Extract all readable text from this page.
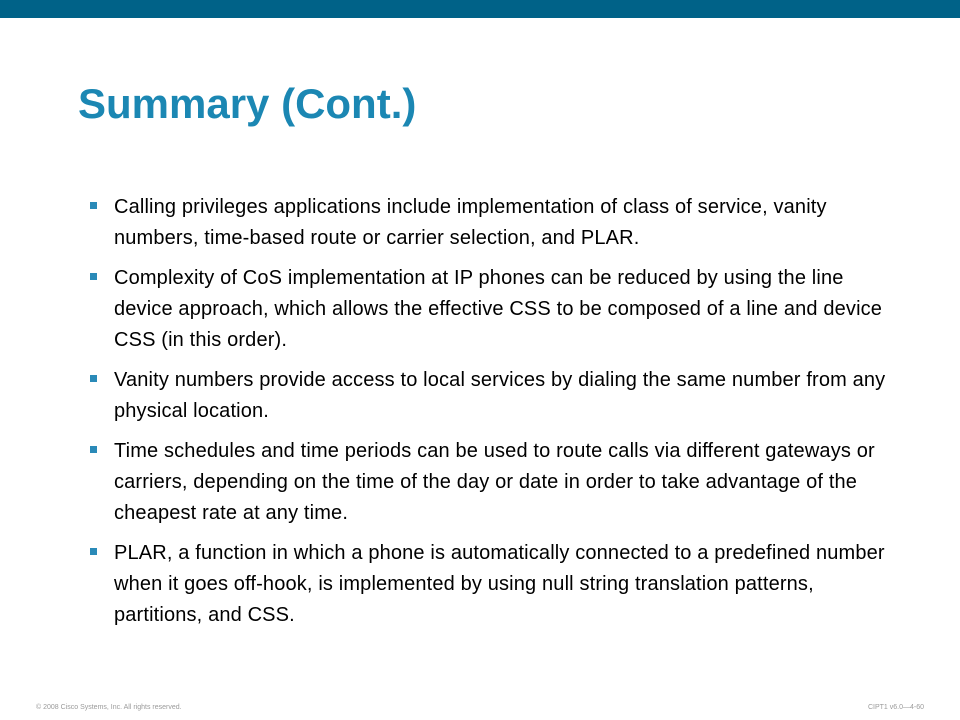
Summary (Cont.)
Calling privileges applications include implementation of class of service, vanity numbers, time-based route or carrier selection, and PLAR.
Complexity of CoS implementation at IP phones can be reduced by using the line device approach, which allows the effective CSS to be composed of a line and device CSS (in this order).
Vanity numbers provide access to local services by dialing the same number from any physical location.
Time schedules and time periods can be used to route calls via different gateways or carriers, depending on the time of the day or date in order to take advantage of the cheapest rate at any time.
PLAR, a function in which a phone is automatically connected to a predefined number when it goes off-hook, is implemented by using null string translation patterns, partitions, and CSS.
© 2008 Cisco Systems, Inc. All rights reserved.	CIPT1 v6.0—4-60
